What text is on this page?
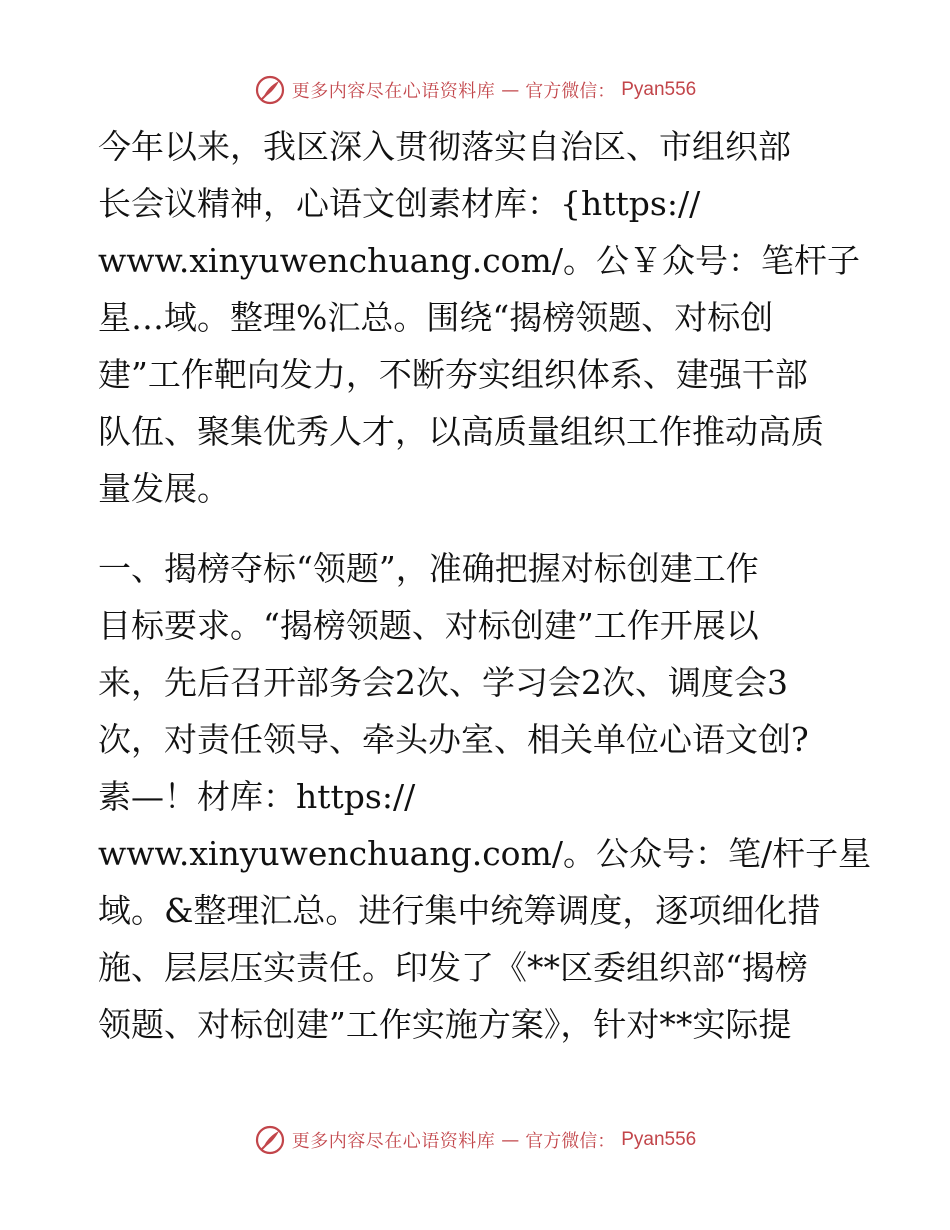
更多内容尽在心语资料库 — 官方微信： Pyan556
今年以来，我区深入贯彻落实自治区、市组织部
长会议精神，心语文创素材库：{https://
www.xinyuwenchuang.com/。公￥众号：笔杆子
星…域。整理%汇总。围绕“揭榜领题、对标创
建”工作靶向发力，不断夯实组织体系、建强干部
队伍、聚集优秀人才，以高质量组织工作推动高质
量发展。
一、揭榜夺标“领题”，准确把握对标创建工作
目标要求。“揭榜领题、对标创建”工作开展以
来，先后召开部务会2次、学习会2次、调度会3
次，对责任领导、牵头办室、相关单位心语文创?
素—！材库：https://
www.xinyuwenchuang.com/。公众号：笔/杆子星
域。&整理汇总。进行集中统筹调度，逐项细化措
施、层层压实责任。印发了《**区委组织部“揭榜
领题、对标创建”工作实施方案》，针对**实际提
更多内容尽在心语资料库 — 官方微信： Pyan556
